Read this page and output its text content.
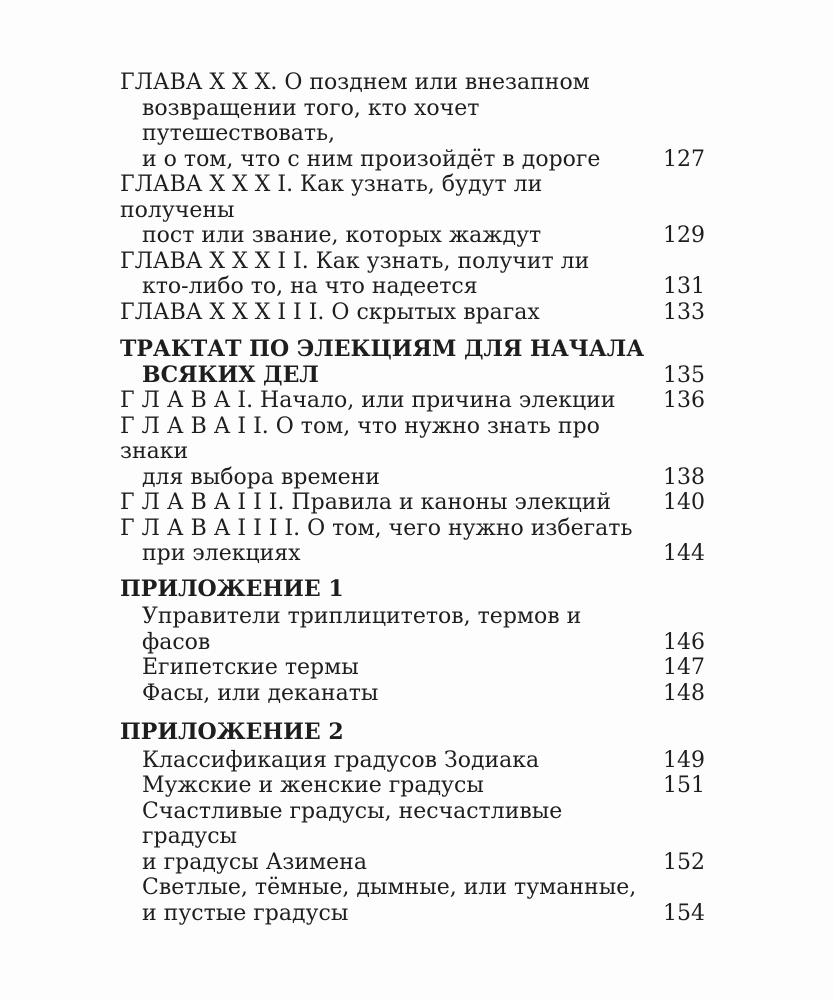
ГЛАВА X X X. О позднем или внезапном
возвращении того, кто хочет путешествовать,
и о том, что с ним произойдёт в дороге	127
ГЛАВА X X X I. Как узнать, будут ли получены
пост или звание, которых жаждут	129
ГЛАВА X X X I I. Как узнать, получит ли
кто-либо то, на что надеется	131
ГЛАВА X X X I I I. О скрытых врагах	133
ТРАКТАТ ПО ЭЛЕКЦИЯМ ДЛЯ НАЧАЛА
ВСЯКИХ ДЕЛ	135
Г Л А В А I. Начало, или причина элекции	136
Г Л А В А I I. О том, что нужно знать про знаки
для выбора времени	138
Г Л А В А I I I. Правила и каноны элекций	140
Г Л А В А I I I I. О том, чего нужно избегать
при элекциях	144
ПРИЛОЖЕНИЕ 1
Управители триплицитетов, термов и фасов	146
Египетские термы	147
Фасы, или деканаты	148
ПРИЛОЖЕНИЕ 2
Классификация градусов Зодиака	149
Мужские и женские градусы	151
Счастливые градусы, несчастливые градусы
и градусы Азимена	152
Светлые, тёмные, дымные, или туманные,
и пустые градусы	154
